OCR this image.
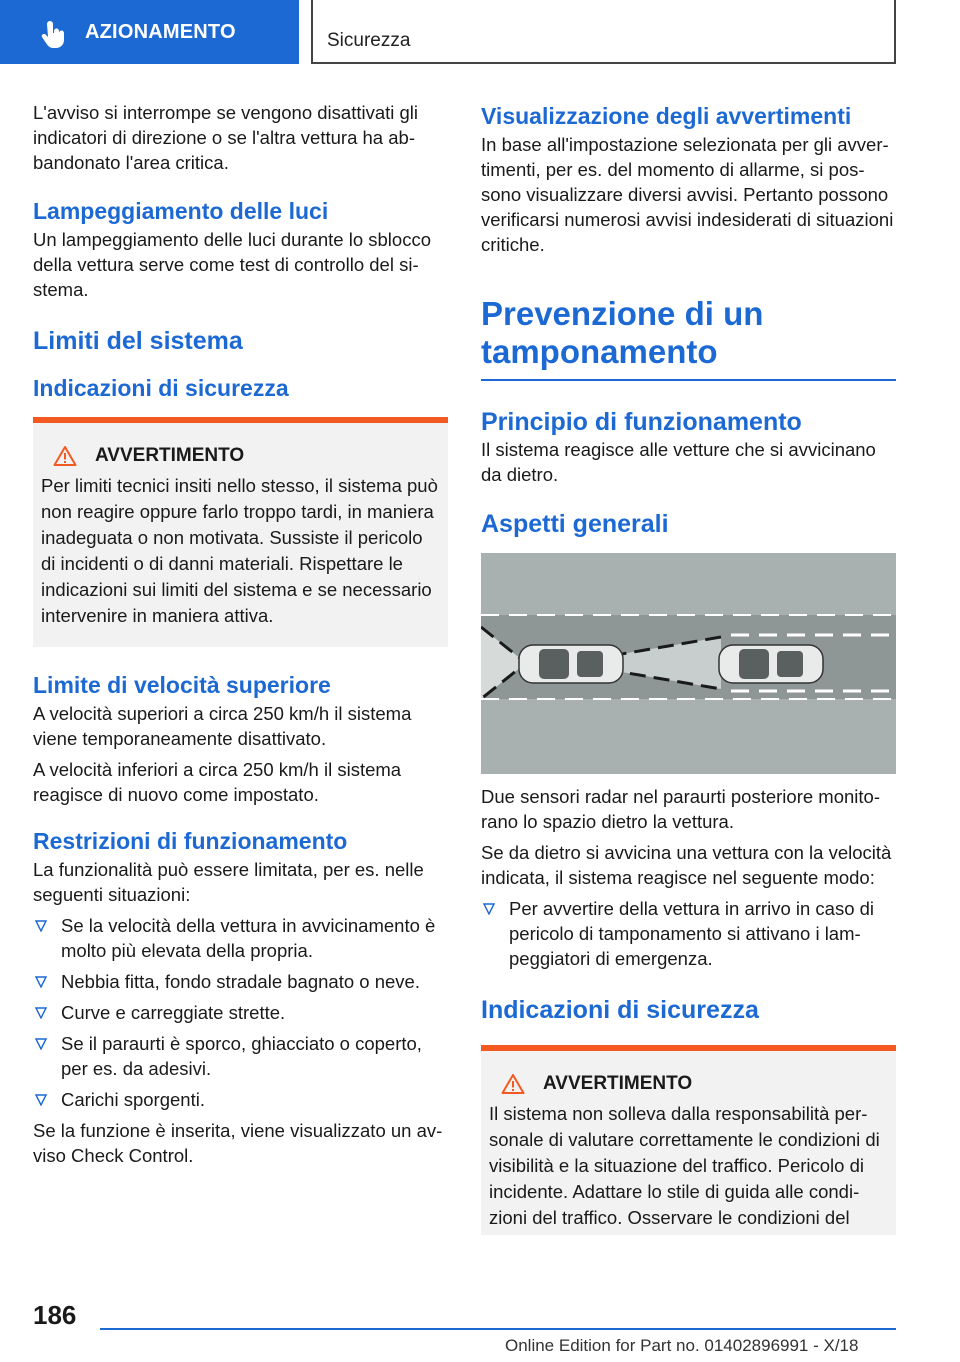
AZIONAMENTO	Sicurezza

L'avviso si interrompe se vengono disattivati gli indicatori di direzione o se l'altra vettura ha abbandonato l'area critica.

Lampeggiamento delle luci

Un lampeggiamento delle luci durante lo sblocco della vettura serve come test di controllo del sistema.

Limiti del sistema
Indicazioni di sicurezza
AVVERTIMENTO

Per limiti tecnici insiti nello stesso, il sistema può non reagire oppure farlo troppo tardi, in maniera inadeguata o non motivata. Sussiste il pericolo di incidenti o di danni materiali. Rispettare le indicazioni sui limiti del sistema e se necessario intervenire in maniera attiva.

Limite di velocità superiore

A velocità superiori a circa 250 km/h il sistema viene temporaneamente disattivato.

A velocità inferiori a circa 250 km/h il sistema reagisce di nuovo come impostato.

Restrizioni di funzionamento

La funzionalità può essere limitata, per es. nelle seguenti situazioni:

Se la velocità della vettura in avvicinamento è molto più elevata della propria.
Nebbia fitta, fondo stradale bagnato o neve.
Curve e carreggiate strette.
Se il paraurti è sporco, ghiacciato o coperto, per es. da adesivi.
Carichi sporgenti.

Se la funzione è inserita, viene visualizzato un avviso Check Control.

Visualizzazione degli avvertimenti

In base all'impostazione selezionata per gli avvertimenti, per es. del momento di allarme, si possono visualizzare diversi avvisi. Pertanto possono verificarsi numerosi avvisi indesiderati di situazioni critiche.

Prevenzione di un tamponamento
Principio di funzionamento

Il sistema reagisce alle vetture che si avvicinano da dietro.

Aspetti generali

Due sensori radar nel paraurti posteriore monitorano lo spazio dietro la vettura.

Se da dietro si avvicina una vettura con la velocità indicata, il sistema reagisce nel seguente modo:

Per avvertire della vettura in arrivo in caso di pericolo di tamponamento si attivano i lampeggiatori di emergenza.
Indicazioni di sicurezza
AVVERTIMENTO

Il sistema non solleva dalla responsabilità personale di valutare correttamente le condizioni di visibilità e la situazione del traffico. Pericolo di incidente. Adattare lo stile di guida alle condizioni del traffico. Osservare le condizioni del

186
Online Edition for Part no. 01402896991 - X/18
